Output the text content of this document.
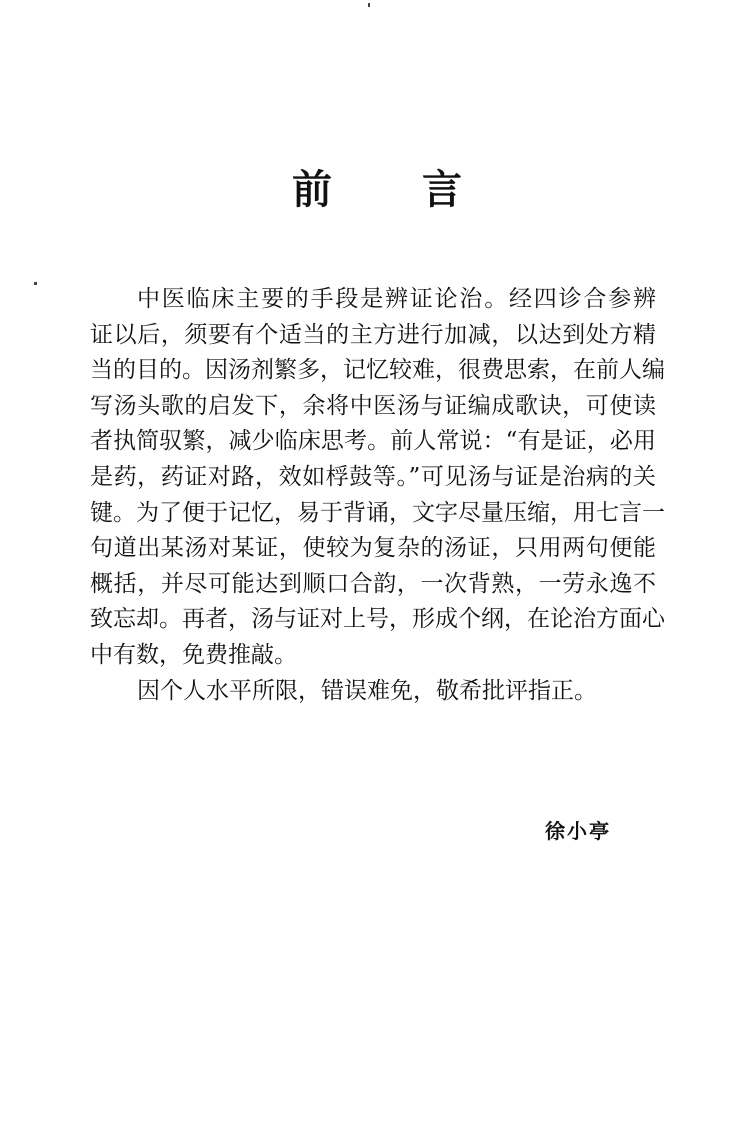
前 言
中医临床主要的手段是辨证论治。经四诊合参辨
证以后，须要有个适当的主方进行加减，以达到处方精
当的目的。因汤剂繁多，记忆较难，很费思索，在前人编
写汤头歌的启发下，余将中医汤与证编成歌诀，可使读
者执简驭繁，减少临床思考。前人常说：“有是证，必用
是药，药证对路，效如桴鼓等。”可见汤与证是治病的关
键。为了便于记忆，易于背诵，文字尽量压缩，用七言一
句道出某汤对某证，使较为复杂的汤证，只用两句便能
概括，并尽可能达到顺口合韵，一次背熟，一劳永逸不
致忘却。再者，汤与证对上号，形成个纲，在论治方面心
中有数，免费推敲。
因个人水平所限，错误难免，敬希批评指正。
徐小亭
